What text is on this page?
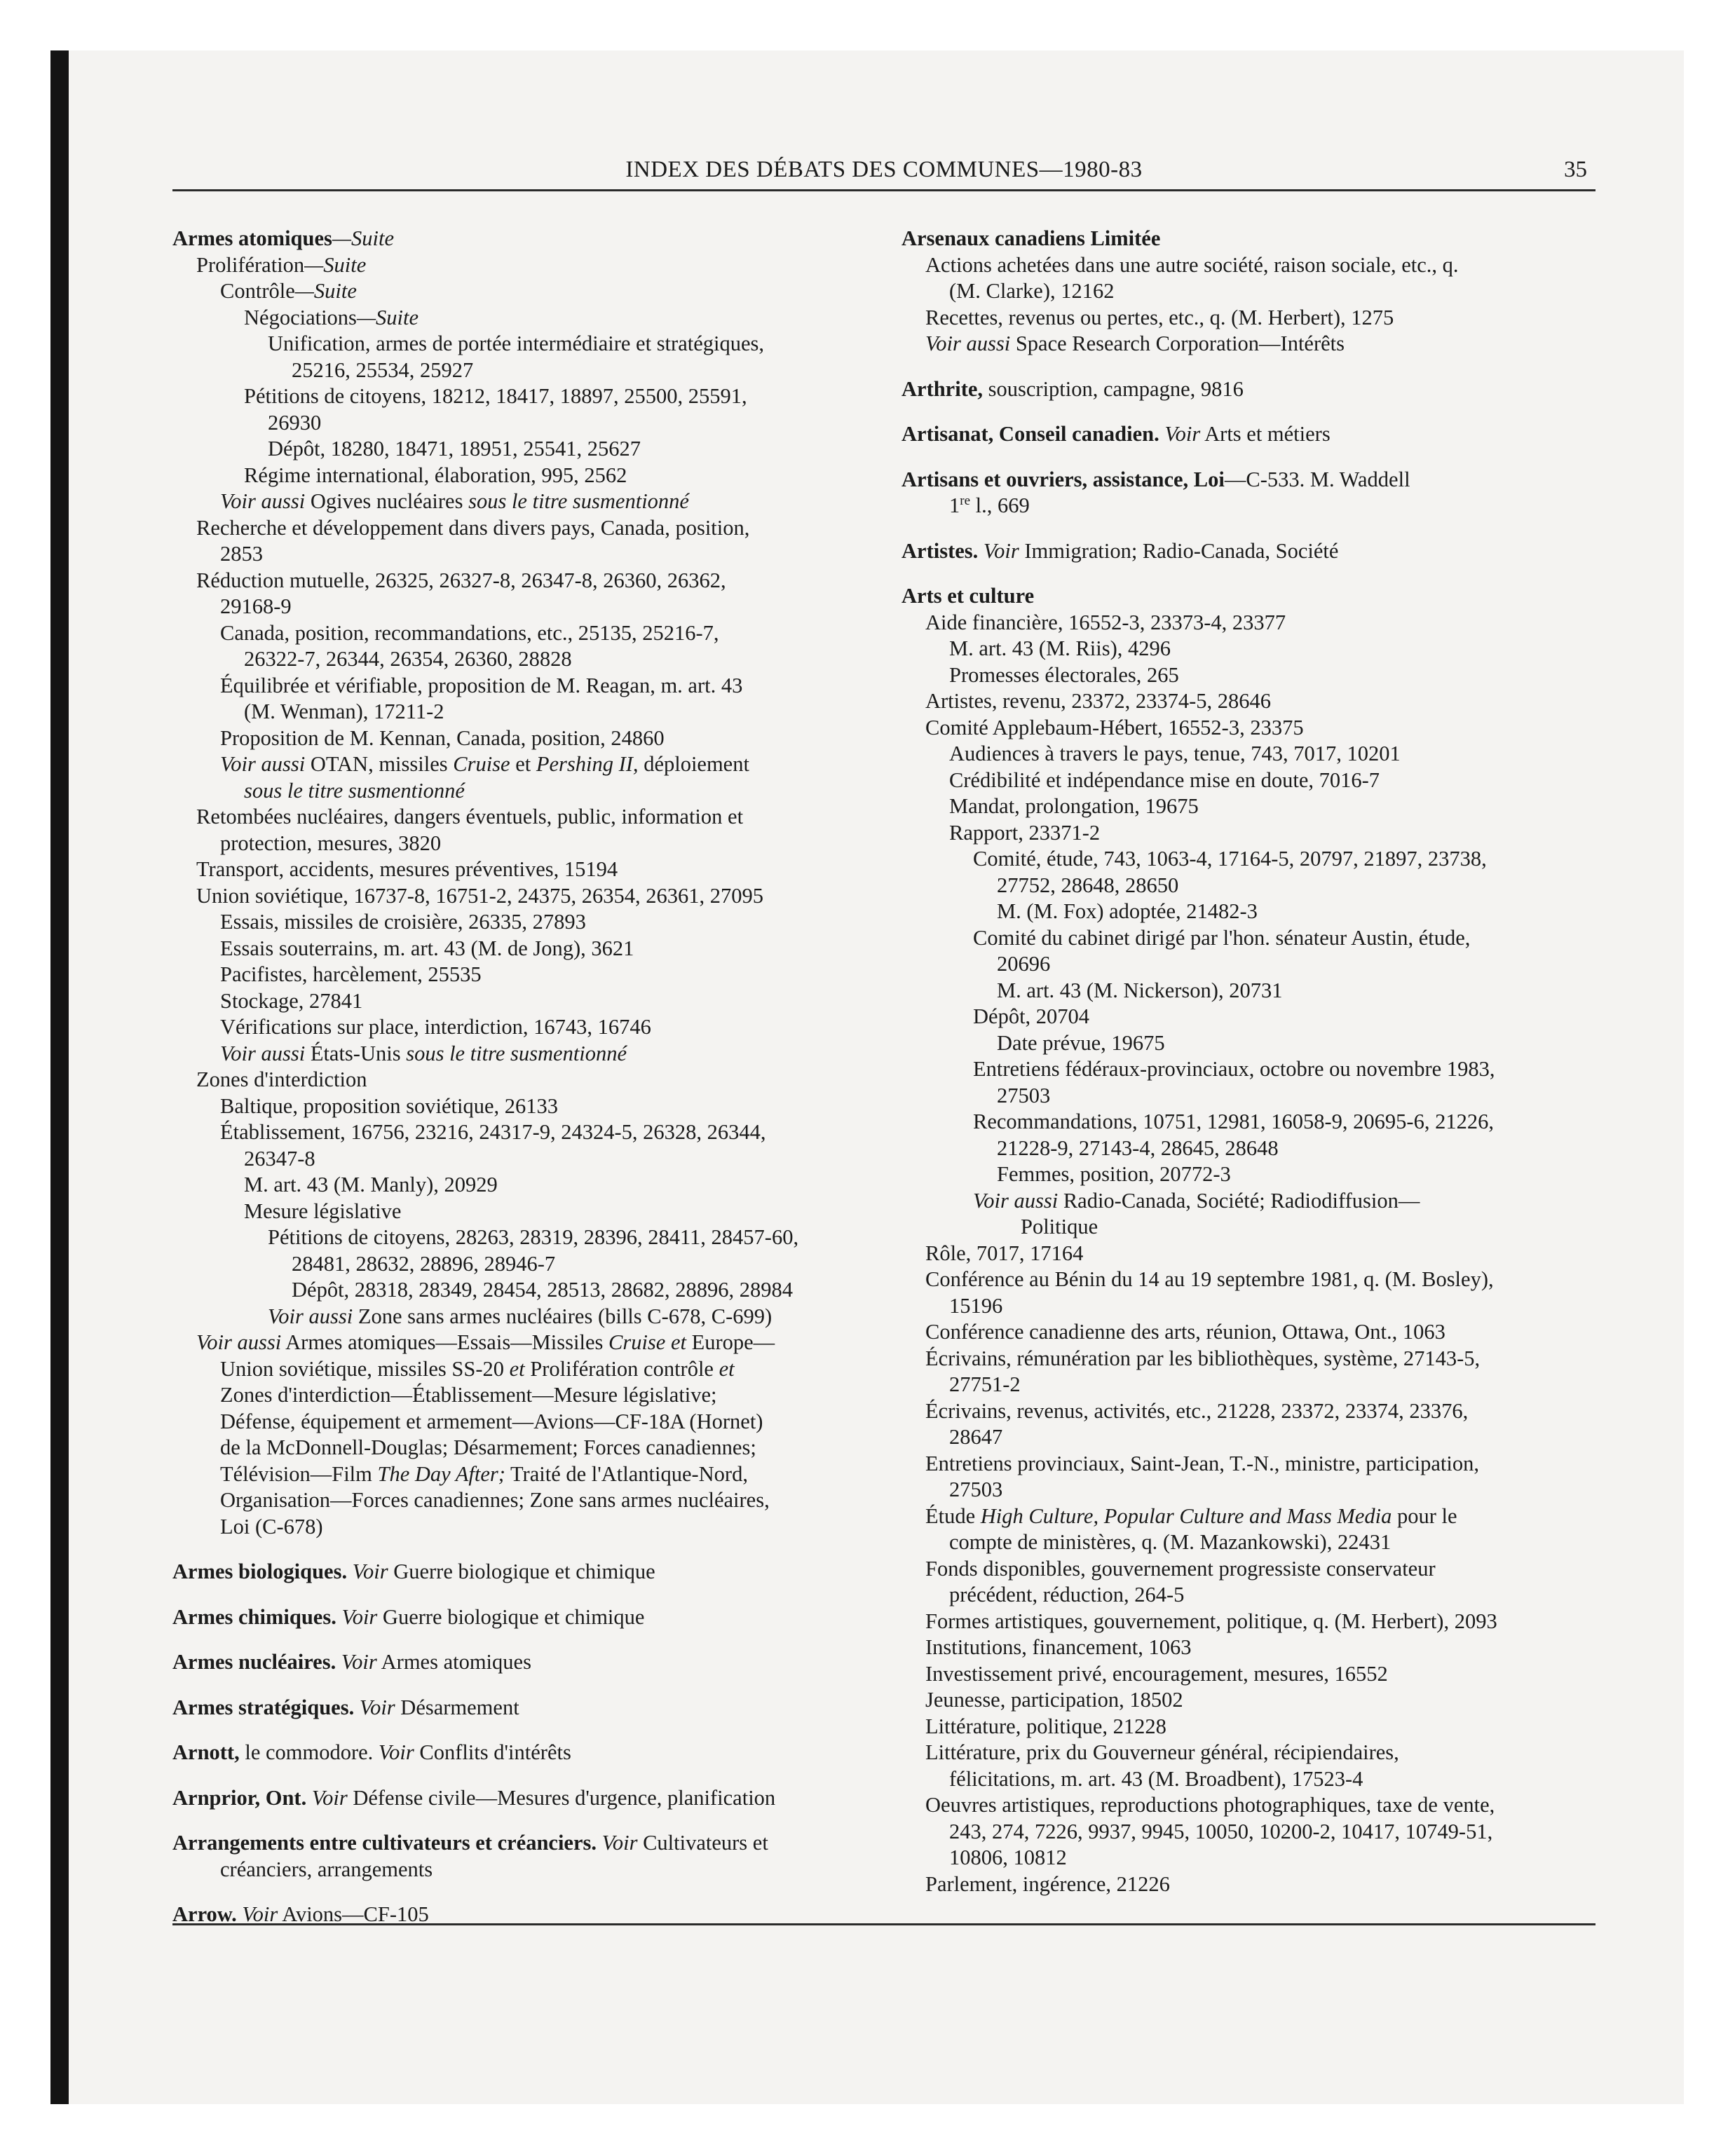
INDEX DES DÉBATS DES COMMUNES—1980-83	35
Armes atomiques—Suite
Prolifération—Suite
Contrôle—Suite
Négociations—Suite
Unification, armes de portée intermédiaire et stratégiques,
25216, 25534, 25927
Pétitions de citoyens, 18212, 18417, 18897, 25500, 25591,
26930
Dépôt, 18280, 18471, 18951, 25541, 25627
Régime international, élaboration, 995, 2562
Voir aussi Ogives nucléaires sous le titre susmentionné
Recherche et développement dans divers pays, Canada, position,
2853
Réduction mutuelle, 26325, 26327-8, 26347-8, 26360, 26362,
29168-9
Canada, position, recommandations, etc., 25135, 25216-7,
26322-7, 26344, 26354, 26360, 28828
Équilibrée et vérifiable, proposition de M. Reagan, m. art. 43
(M. Wenman), 17211-2
Proposition de M. Kennan, Canada, position, 24860
Voir aussi OTAN, missiles Cruise et Pershing II, déploiement
sous le titre susmentionné
Retombées nucléaires, dangers éventuels, public, information et
protection, mesures, 3820
Transport, accidents, mesures préventives, 15194
Union soviétique, 16737-8, 16751-2, 24375, 26354, 26361, 27095
Essais, missiles de croisière, 26335, 27893
Essais souterrains, m. art. 43 (M. de Jong), 3621
Pacifistes, harcèlement, 25535
Stockage, 27841
Vérifications sur place, interdiction, 16743, 16746
Voir aussi États-Unis sous le titre susmentionné
Zones d'interdiction
Baltique, proposition soviétique, 26133
Établissement, 16756, 23216, 24317-9, 24324-5, 26328, 26344,
26347-8
M. art. 43 (M. Manly), 20929
Mesure législative
Pétitions de citoyens, 28263, 28319, 28396, 28411, 28457-60,
28481, 28632, 28896, 28946-7
Dépôt, 28318, 28349, 28454, 28513, 28682, 28896, 28984
Voir aussi Zone sans armes nucléaires (bills C-678, C-699)
Voir aussi Armes atomiques—Essais—Missiles Cruise et Europe—
Union soviétique, missiles SS-20 et Prolifération contrôle et
Zones d'interdiction—Établissement—Mesure législative;
Défense, équipement et armement—Avions—CF-18A (Hornet)
de la McDonnell-Douglas; Désarmement; Forces canadiennes;
Télévision—Film The Day After; Traité de l'Atlantique-Nord,
Organisation—Forces canadiennes; Zone sans armes nucléaires,
Loi (C-678)
Armes biologiques. Voir Guerre biologique et chimique
Armes chimiques. Voir Guerre biologique et chimique
Armes nucléaires. Voir Armes atomiques
Armes stratégiques. Voir Désarmement
Arnott, le commodore. Voir Conflits d'intérêts
Arnprior, Ont. Voir Défense civile—Mesures d'urgence, planification
Arrangements entre cultivateurs et créanciers. Voir Cultivateurs et
créanciers, arrangements
Arrow. Voir Avions—CF-105
Arsenaux canadiens Limitée
Actions achetées dans une autre société, raison sociale, etc., q.
(M. Clarke), 12162
Recettes, revenus ou pertes, etc., q. (M. Herbert), 1275
Voir aussi Space Research Corporation—Intérêts
Arthrite, souscription, campagne, 9816
Artisanat, Conseil canadien. Voir Arts et métiers
Artisans et ouvriers, assistance, Loi—C-533. M. Waddell
1re l., 669
Artistes. Voir Immigration; Radio-Canada, Société
Arts et culture
Aide financière, 16552-3, 23373-4, 23377
M. art. 43 (M. Riis), 4296
Promesses électorales, 265
Artistes, revenu, 23372, 23374-5, 28646
Comité Applebaum-Hébert, 16552-3, 23375
Audiences à travers le pays, tenue, 743, 7017, 10201
Crédibilité et indépendance mise en doute, 7016-7
Mandat, prolongation, 19675
Rapport, 23371-2
Comité, étude, 743, 1063-4, 17164-5, 20797, 21897, 23738,
27752, 28648, 28650
M. (M. Fox) adoptée, 21482-3
Comité du cabinet dirigé par l'hon. sénateur Austin, étude,
20696
M. art. 43 (M. Nickerson), 20731
Dépôt, 20704
Date prévue, 19675
Entretiens fédéraux-provinciaux, octobre ou novembre 1983,
27503
Recommandations, 10751, 12981, 16058-9, 20695-6, 21226,
21228-9, 27143-4, 28645, 28648
Femmes, position, 20772-3
Voir aussi Radio-Canada, Société; Radiodiffusion—
Politique
Rôle, 7017, 17164
Conférence au Bénin du 14 au 19 septembre 1981, q. (M. Bosley),
15196
Conférence canadienne des arts, réunion, Ottawa, Ont., 1063
Écrivains, rémunération par les bibliothèques, système, 27143-5,
27751-2
Écrivains, revenus, activités, etc., 21228, 23372, 23374, 23376,
28647
Entretiens provinciaux, Saint-Jean, T.-N., ministre, participation,
27503
Étude High Culture, Popular Culture and Mass Media pour le
compte de ministères, q. (M. Mazankowski), 22431
Fonds disponibles, gouvernement progressiste conservateur
précédent, réduction, 264-5
Formes artistiques, gouvernement, politique, q. (M. Herbert), 2093
Institutions, financement, 1063
Investissement privé, encouragement, mesures, 16552
Jeunesse, participation, 18502
Littérature, politique, 21228
Littérature, prix du Gouverneur général, récipiendaires,
félicitations, m. art. 43 (M. Broadbent), 17523-4
Oeuvres artistiques, reproductions photographiques, taxe de vente,
243, 274, 7226, 9937, 9945, 10050, 10200-2, 10417, 10749-51,
10806, 10812
Parlement, ingérence, 21226
